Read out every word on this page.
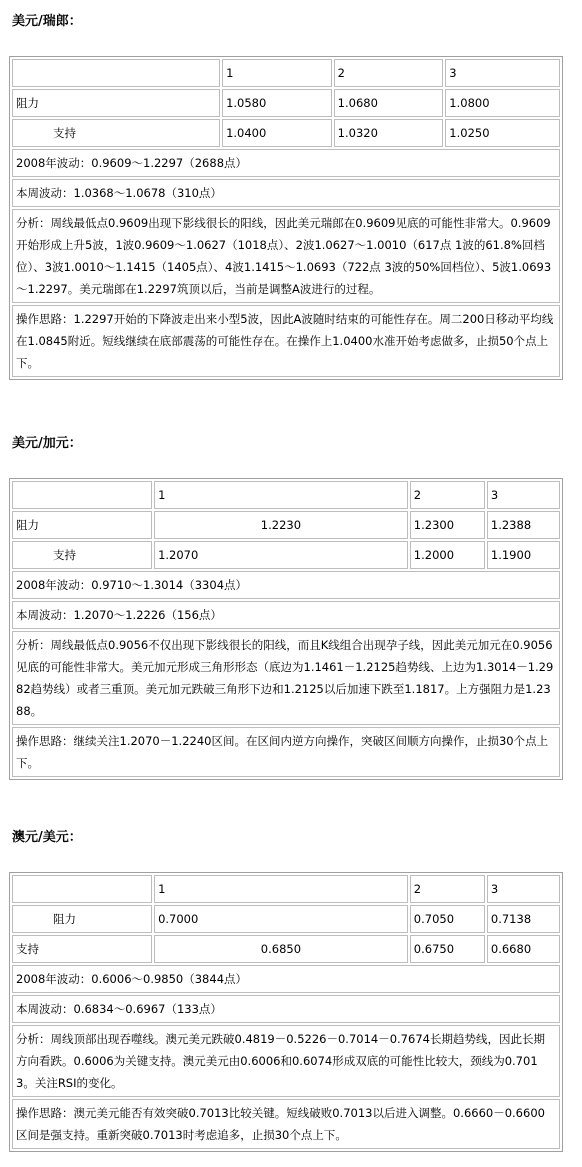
美元/瑞郎：
	1	2	3
阻力	1.0580	1.0680	1.0800
支持	1.0400	1.0320	1.0250
2008年波动：0.9609～1.2297（2688点）			
本周波动：1.0368～1.0678（310点）			
分析：周线最低点0.9609出现下影线很长的阳线，因此美元瑞郎在0.9609见底的可能性非常大。0.9609开始形成上升5波，1波0.9609～1.0627（1018点）、2波1.0627～1.0010（617点 1波的61.8%回档位）、3波1.0010～1.1415（1405点）、4波1.1415～1.0693（722点 3波的50%回档位）、5波1.0693～1.2297。美元瑞郎在1.2297筑顶以后，当前是调整A波进行的过程。			
操作思路：1.2297开始的下降波走出来小型5波，因此A波随时结束的可能性存在。周二200日移动平均线在1.0845附近。短线继续在底部震荡的可能性存在。在操作上1.0400水准开始考虑做多，止损50个点上下。			
美元/加元：
	1	2	3
阻力	1.2230	1.2300	1.2388
支持	1.2070	1.2000	1.1900
2008年波动：0.9710～1.3014（3304点）			
本周波动：1.2070～1.2226（156点）			
分析：周线最低点0.9056不仅出现下影线很长的阳线，而且K线组合出现孕子线，因此美元加元在0.9056见底的可能性非常大。美元加元形成三角形形态（底边为1.1461－1.2125趋势线、上边为1.3014－1.2982趋势线）或者三重顶。美元加元跌破三角形下边和1.2125以后加速下跌至1.1817。上方强阻力是1.2388。			
操作思路：继续关注1.2070－1.2240区间。在区间内逆方向操作，突破区间顺方向操作，止损30个点上下。			
澳元/美元：
	1	2	3
阻力	0.7000	0.7050	0.7138
支持	0.6850	0.6750	0.6680
2008年波动：0.6006～0.9850（3844点）			
本周波动：0.6834～0.6967（133点）			
分析：周线顶部出现吞噬线。澳元美元跌破0.4819－0.5226－0.7014－0.7674长期趋势线，因此长期方向看跌。0.6006为关键支持。澳元美元由0.6006和0.6074形成双底的可能性比较大，颈线为0.7013。关注RSI的变化。			
操作思路：澳元美元能否有效突破0.7013比较关键。短线破败0.7013以后进入调整。0.6660－0.6600区间是强支持。重新突破0.7013时考虑追多，止损30个点上下。			
